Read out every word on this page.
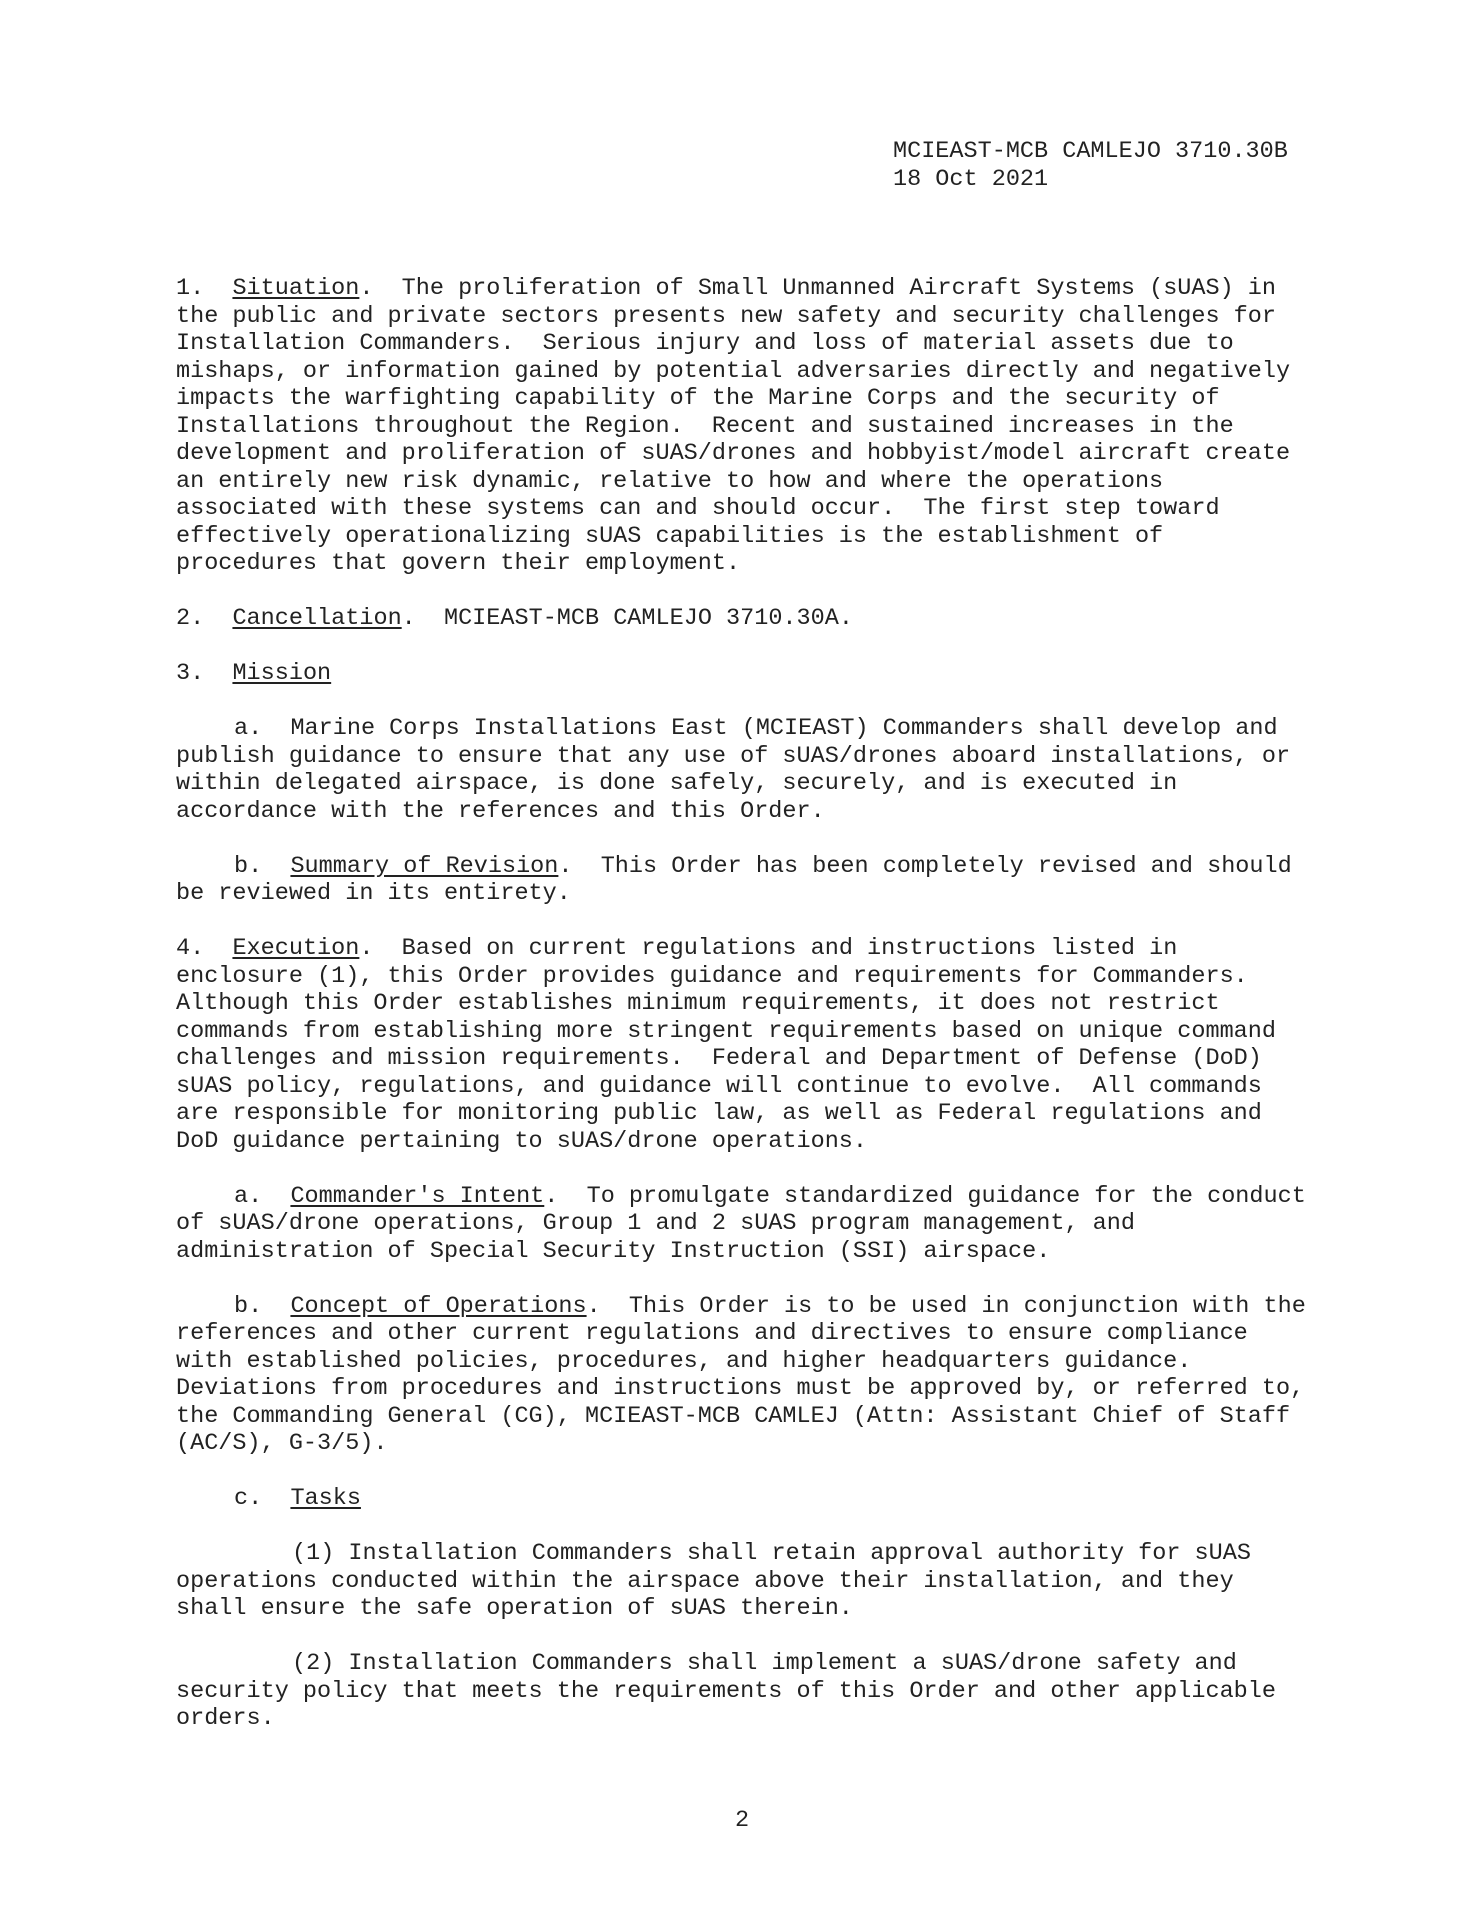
MCIEAST-MCB CAMLEJO 3710.30B
18 Oct 2021

1. Situation.  The proliferation of Small Unmanned Aircraft Systems (sUAS) in the public and private sectors presents new safety and security challenges for Installation Commanders.  Serious injury and loss of material assets due to mishaps, or information gained by potential adversaries directly and negatively impacts the warfighting capability of the Marine Corps and the security of Installations throughout the Region.  Recent and sustained increases in the development and proliferation of sUAS/drones and hobbyist/model aircraft create an entirely new risk dynamic, relative to how and where the operations associated with these systems can and should occur.  The first step toward effectively operationalizing sUAS capabilities is the establishment of procedures that govern their employment.

2. Cancellation.  MCIEAST-MCB CAMLEJO 3710.30A.

3. Mission

a. Marine Corps Installations East (MCIEAST) Commanders shall develop and publish guidance to ensure that any use of sUAS/drones aboard installations, or within delegated airspace, is done safely, securely, and is executed in accordance with the references and this Order.

b. Summary of Revision.  This Order has been completely revised and should be reviewed in its entirety.

4. Execution.  Based on current regulations and instructions listed in enclosure (1), this Order provides guidance and requirements for Commanders.  Although this Order establishes minimum requirements, it does not restrict commands from establishing more stringent requirements based on unique command challenges and mission requirements.  Federal and Department of Defense (DoD) sUAS policy, regulations, and guidance will continue to evolve.  All commands are responsible for monitoring public law, as well as Federal regulations and DoD guidance pertaining to sUAS/drone operations.

a. Commander's Intent.  To promulgate standardized guidance for the conduct of sUAS/drone operations, Group 1 and 2 sUAS program management, and administration of Special Security Instruction (SSI) airspace.

b. Concept of Operations.  This Order is to be used in conjunction with the references and other current regulations and directives to ensure compliance with established policies, procedures, and higher headquarters guidance.  Deviations from procedures and instructions must be approved by, or referred to, the Commanding General (CG), MCIEAST-MCB CAMLEJ (Attn: Assistant Chief of Staff (AC/S), G-3/5).

c. Tasks

(1) Installation Commanders shall retain approval authority for sUAS operations conducted within the airspace above their installation, and they shall ensure the safe operation of sUAS therein.

(2) Installation Commanders shall implement a sUAS/drone safety and security policy that meets the requirements of this Order and other applicable orders.

2
